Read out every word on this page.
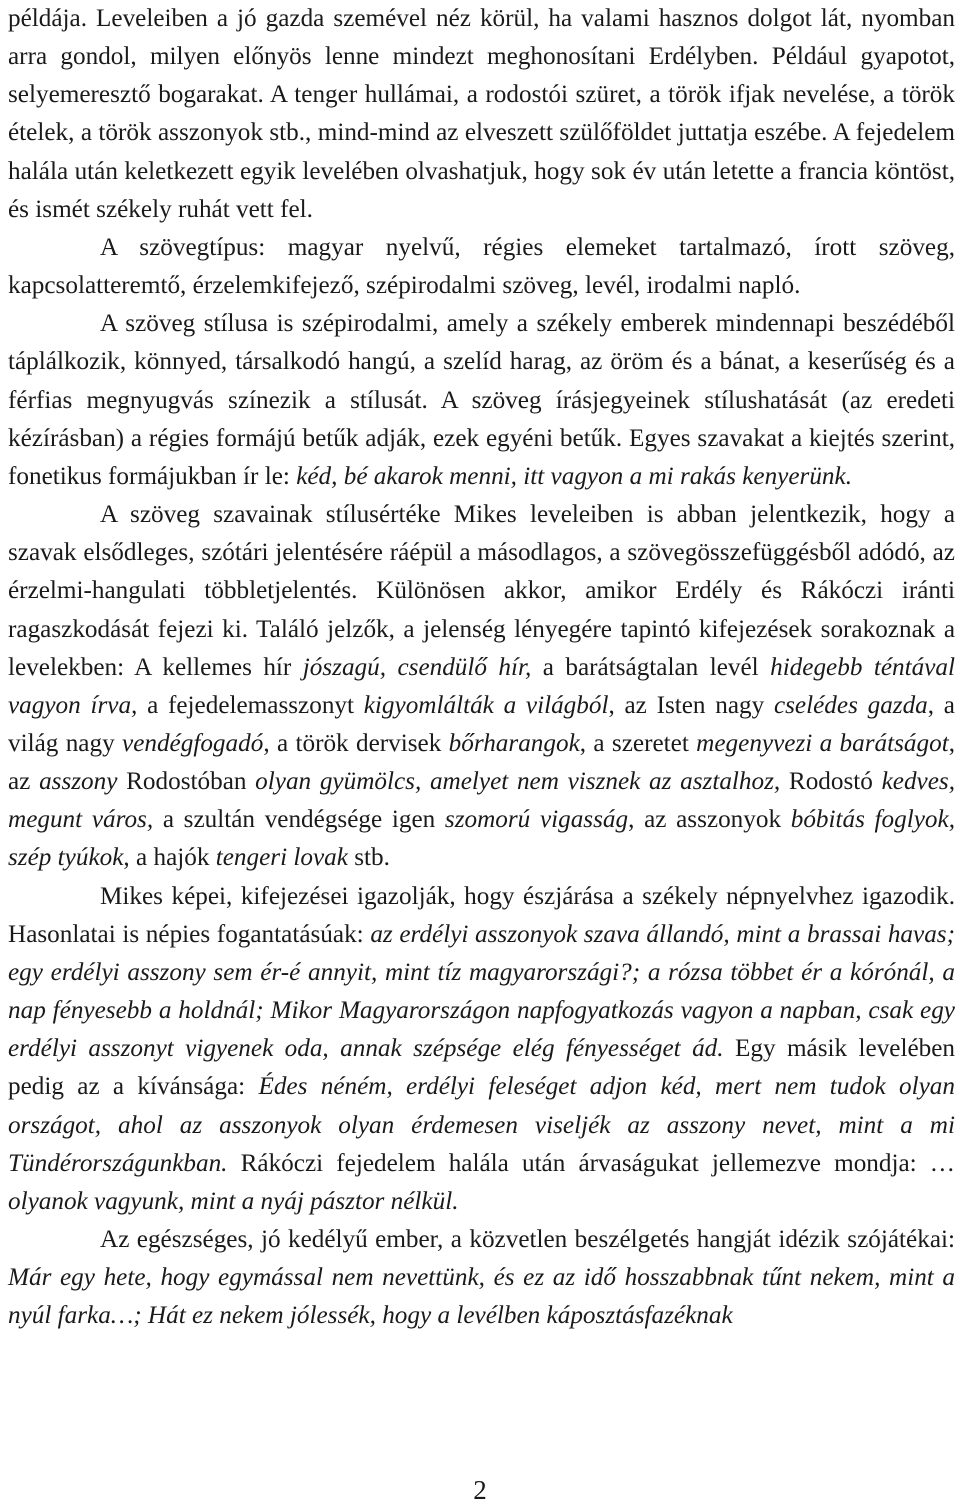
példája. Leveleiben a jó gazda szemével néz körül, ha valami hasznos dolgot lát, nyomban arra gondol, milyen előnyös lenne mindezt meghonosítani Erdélyben. Például gyapotot, selyemeresztő bogarakat. A tenger hullámai, a rodostói szüret, a török ifjak nevelése, a török ételek, a török asszonyok stb., mind-mind az elveszett szülőföldet juttatja eszébe. A fejedelem halála után keletkezett egyik levelében olvashatjuk, hogy sok év után letette a francia köntöst, és ismét székely ruhát vett fel.

A szövegtípus: magyar nyelvű, régies elemeket tartalmazó, írott szöveg, kapcsolatteremtő, érzelemkifejező, szépirodalmi szöveg, levél, irodalmi napló.

A szöveg stílusa is szépirodalmi, amely a székely emberek mindennapi beszédéből táplálkozik, könnyed, társalkodó hangú, a szelíd harag, az öröm és a bánat, a keserűség és a férfias megnyugvás színezik a stílusát. A szöveg írásjegyeinek stílushatását (az eredeti kézírásban) a régies formájú betűk adják, ezek egyéni betűk. Egyes szavakat a kiejtés szerint, fonetikus formájukban ír le: kéd, bé akarok menni, itt vagyon a mi rakás kenyerünk.

A szöveg szavainak stílusértéke Mikes leveleiben is abban jelentkezik, hogy a szavak elsődleges, szótári jelentésére ráépül a másodlagos, a szövegösszefüggésből adódó, az érzelmi-hangulati többletjelentés. Különösen akkor, amikor Erdély és Rákóczi iránti ragaszkodását fejezi ki. Találó jelzők, a jelenség lényegére tapintó kifejezések sorakoznak a levelekben: A kellemes hír jószagú, csendülő hír, a barátságtalan levél hidegebb téntával vagyon írva, a fejedelemasszonyt kigyomlálták a világból, az Isten nagy cselédes gazda, a világ nagy vendégfogadó, a török dervisek bőrharangok, a szeretet megenyvezi a barátságot, az asszony Rodostóban olyan gyümölcs, amelyet nem visznek az asztalhoz, Rodostó kedves, megunt város, a szultán vendégsége igen szomorú vigasság, az asszonyok bóbitás foglyok, szép tyúkok, a hajók tengeri lovak stb.

Mikes képei, kifejezései igazolják, hogy észjárása a székely népnyelvhez igazodik. Hasonlatai is népies fogantatásúak: az erdélyi asszonyok szava állandó, mint a brassai havas; egy erdélyi asszony sem ér-é annyit, mint tíz magyarországi?; a rózsa többet ér a kórónál, a nap fényesebb a holdnál; Mikor Magyarországon napfogyatkozás vagyon a napban, csak egy erdélyi asszonyt vigyenek oda, annak szépsége elég fényességet ád. Egy másik levelében pedig az a kívánsága: Édes néném, erdélyi feleséget adjon kéd, mert nem tudok olyan országot, ahol az asszonyok olyan érdemesen viseljék az asszony nevet, mint a mi Tündérországunkban. Rákóczi fejedelem halála után árvaságukat jellemezve mondja: …olyanok vagyunk, mint a nyáj pásztor nélkül.

Az egészséges, jó kedélyű ember, a közvetlen beszélgetés hangját idézik szójátékai: Már egy hete, hogy egymással nem nevettünk, és ez az idő hosszabbnak tűnt nekem, mint a nyúl farka…; Hát ez nekem jólessék, hogy a levélben káposztásfazéknak

2
